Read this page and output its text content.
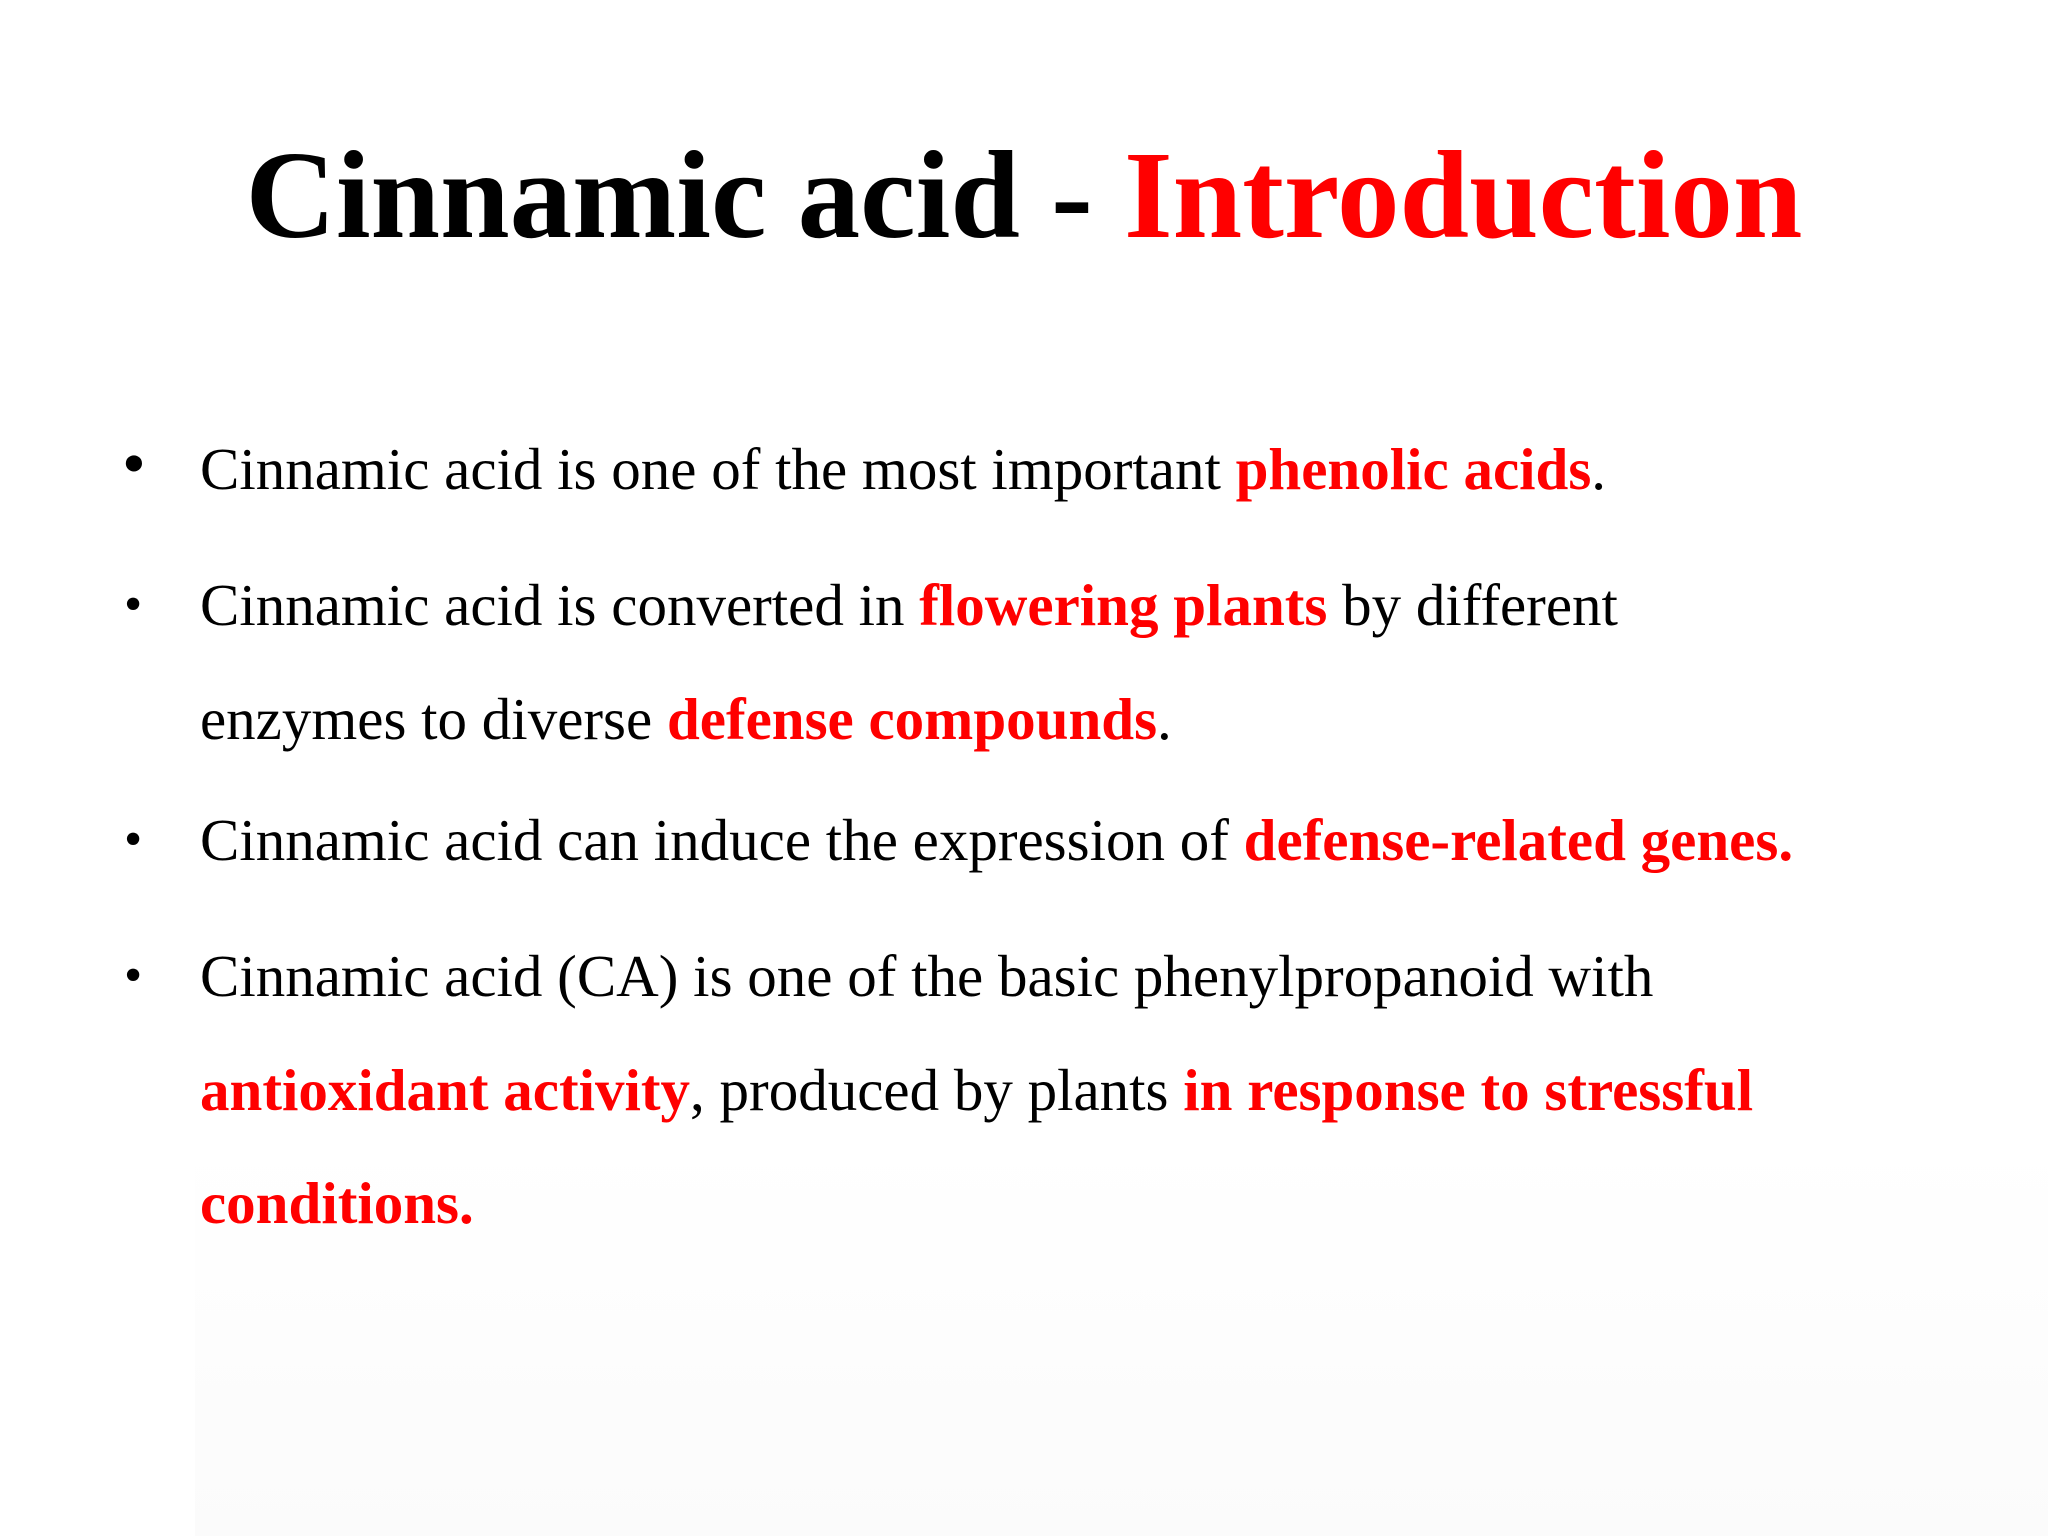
Cinnamic acid - Introduction
• Cinnamic acid is one of the most important phenolic acids.
• Cinnamic acid is converted in flowering plants by different
enzymes to diverse defense compounds.
• Cinnamic acid can induce the expression of defense-related genes.
• Cinnamic acid (CA) is one of the basic phenylpropanoid with
antioxidant activity, produced by plants in response to stressful
conditions.
